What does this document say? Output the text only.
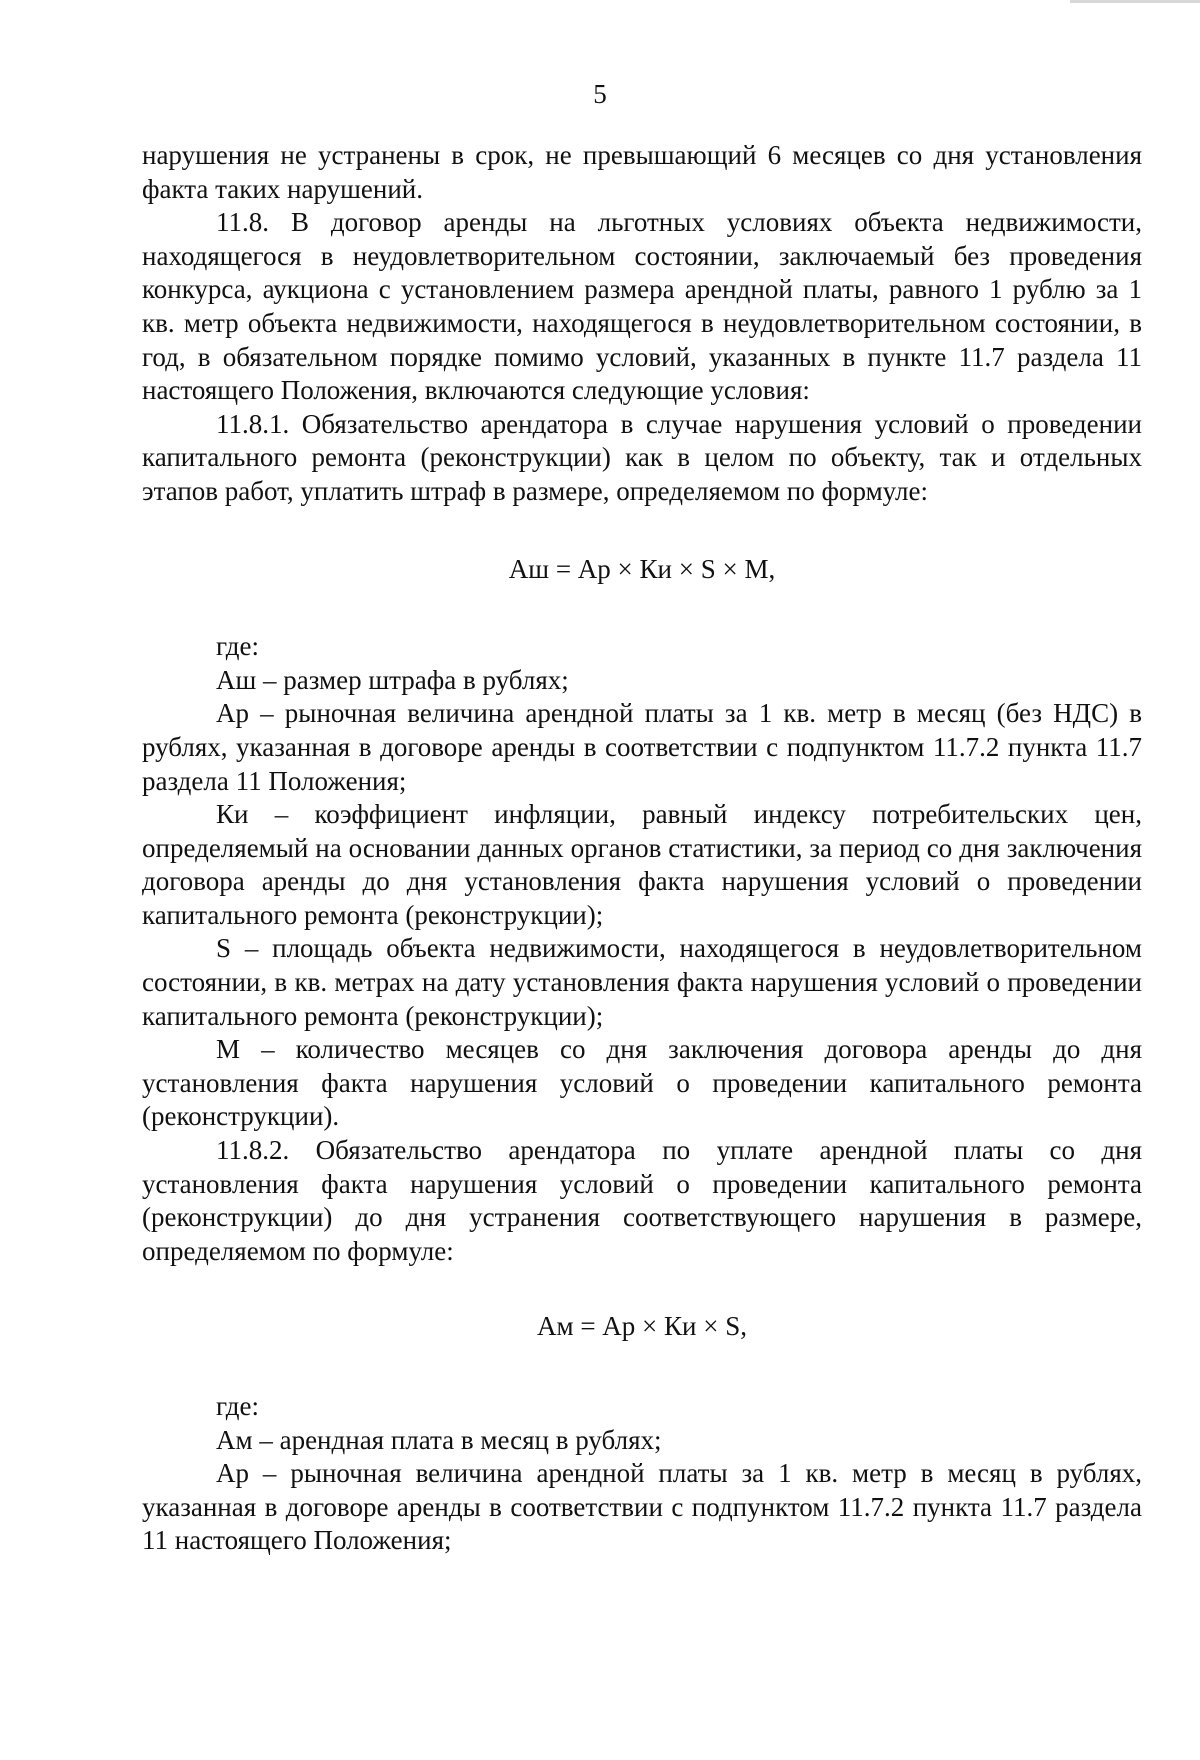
5

нарушения не устранены в срок, не превышающий 6 месяцев со дня установления факта таких нарушений.

11.8. В договор аренды на льготных условиях объекта недвижимости, находящегося в неудовлетворительном состоянии, заключаемый без проведения конкурса, аукциона с установлением размера арендной платы, равного 1 рублю за 1 кв. метр объекта недвижимости, находящегося в неудовлетворительном состоянии, в год, в обязательном порядке помимо условий, указанных в пункте 11.7 раздела 11 настоящего Положения, включаются следующие условия:

11.8.1. Обязательство арендатора в случае нарушения условий о проведении капитального ремонта (реконструкции) как в целом по объекту, так и отдельных этапов работ, уплатить штраф в размере, определяемом по формуле:

Аш = Ар × Ки × S × М,

где:

Аш – размер штрафа в рублях;

Ар – рыночная величина арендной платы за 1 кв. метр в месяц (без НДС) в рублях, указанная в договоре аренды в соответствии с подпунктом 11.7.2 пункта 11.7 раздела 11 Положения;

Ки – коэффициент инфляции, равный индексу потребительских цен, определяемый на основании данных органов статистики, за период со дня заключения договора аренды до дня установления факта нарушения условий о проведении капитального ремонта (реконструкции);

S – площадь объекта недвижимости, находящегося в неудовлетворительном состоянии, в кв. метрах на дату установления факта нарушения условий о проведении капитального ремонта (реконструкции);

М – количество месяцев со дня заключения договора аренды до дня установления факта нарушения условий о проведении капитального ремонта (реконструкции).

11.8.2. Обязательство арендатора по уплате арендной платы со дня установления факта нарушения условий о проведении капитального ремонта (реконструкции) до дня устранения соответствующего нарушения в размере, определяемом по формуле:

Ам = Ар × Ки × S,

где:

Ам – арендная плата в месяц в рублях;

Ар – рыночная величина арендной платы за 1 кв. метр в месяц в рублях, указанная в договоре аренды в соответствии с подпунктом 11.7.2 пункта 11.7 раздела 11 настоящего Положения;
